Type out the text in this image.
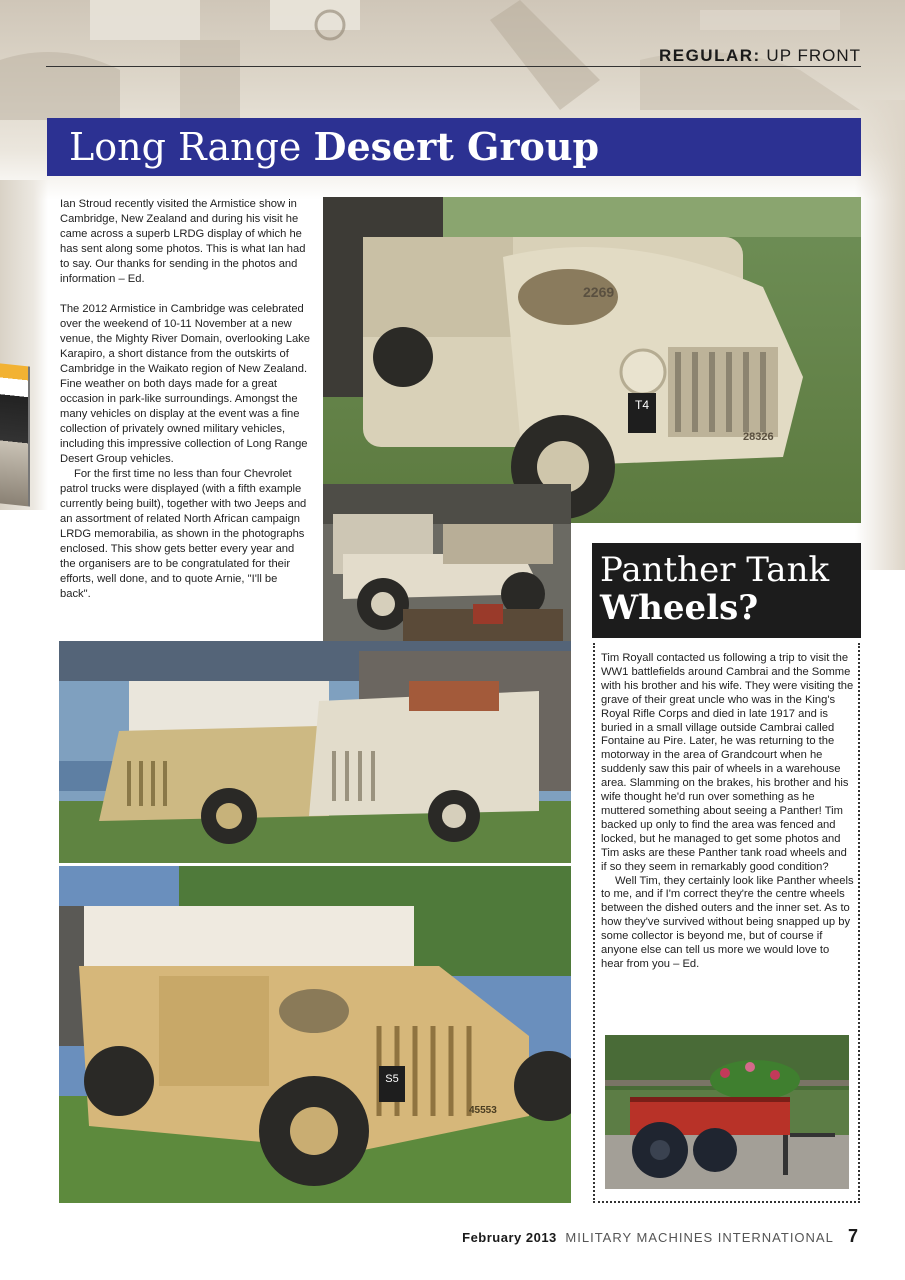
REGULAR: UP FRONT
Long Range Desert Group

Ian Stroud recently visited the Armistice show in Cambridge, New Zealand and during his visit he came across a superb LRDG display of which he has sent along some photos. This is what Ian had to say. Our thanks for sending in the photos and information – Ed.

The 2012 Armistice in Cambridge was celebrated over the weekend of 10-11 November at a new venue, the Mighty River Domain, overlooking Lake Karapiro, a short distance from the outskirts of Cambridge in the Waikato region of New Zealand. Fine weather on both days made for a great occasion in park-like surroundings. Amongst the many vehicles on display at the event was a fine collection of privately owned military vehicles, including this impressive collection of Long Range Desert Group vehicles.

For the first time no less than four Chevrolet patrol trucks were displayed (with a fifth example currently being built), together with two Jeeps and an assortment of related North African campaign LRDG memorabilia, as shown in the photographs enclosed. This show gets better every year and the organisers are to be congratulated for their efforts, well done, and to quote Arnie, "I'll be back".

T4
2269
28326
S5
45553
Panther Tank
Wheels?

Tim Royall contacted us following a trip to visit the WW1 battlefields around Cambrai and the Somme with his brother and his wife. They were visiting the grave of their great uncle who was in the King's Royal Rifle Corps and died in late 1917 and is buried in a small village outside Cambrai called Fontaine au Pire. Later, he was returning to the motorway in the area of Grandcourt when he suddenly saw this pair of wheels in a warehouse area. Slamming on the brakes, his brother and his wife thought he'd run over something as he muttered something about seeing a Panther! Tim backed up only to find the area was fenced and locked, but he managed to get some photos and Tim asks are these Panther tank road wheels and if so they seem in remarkably good condition?

Well Tim, they certainly look like Panther wheels to me, and if I'm correct they're the centre wheels between the dished outers and the inner set. As to how they've survived without being snapped up by some collector is beyond me, but of course if anyone else can tell us more we would love to hear from you – Ed.

February 2013 MILITARY MACHINES INTERNATIONAL 7
